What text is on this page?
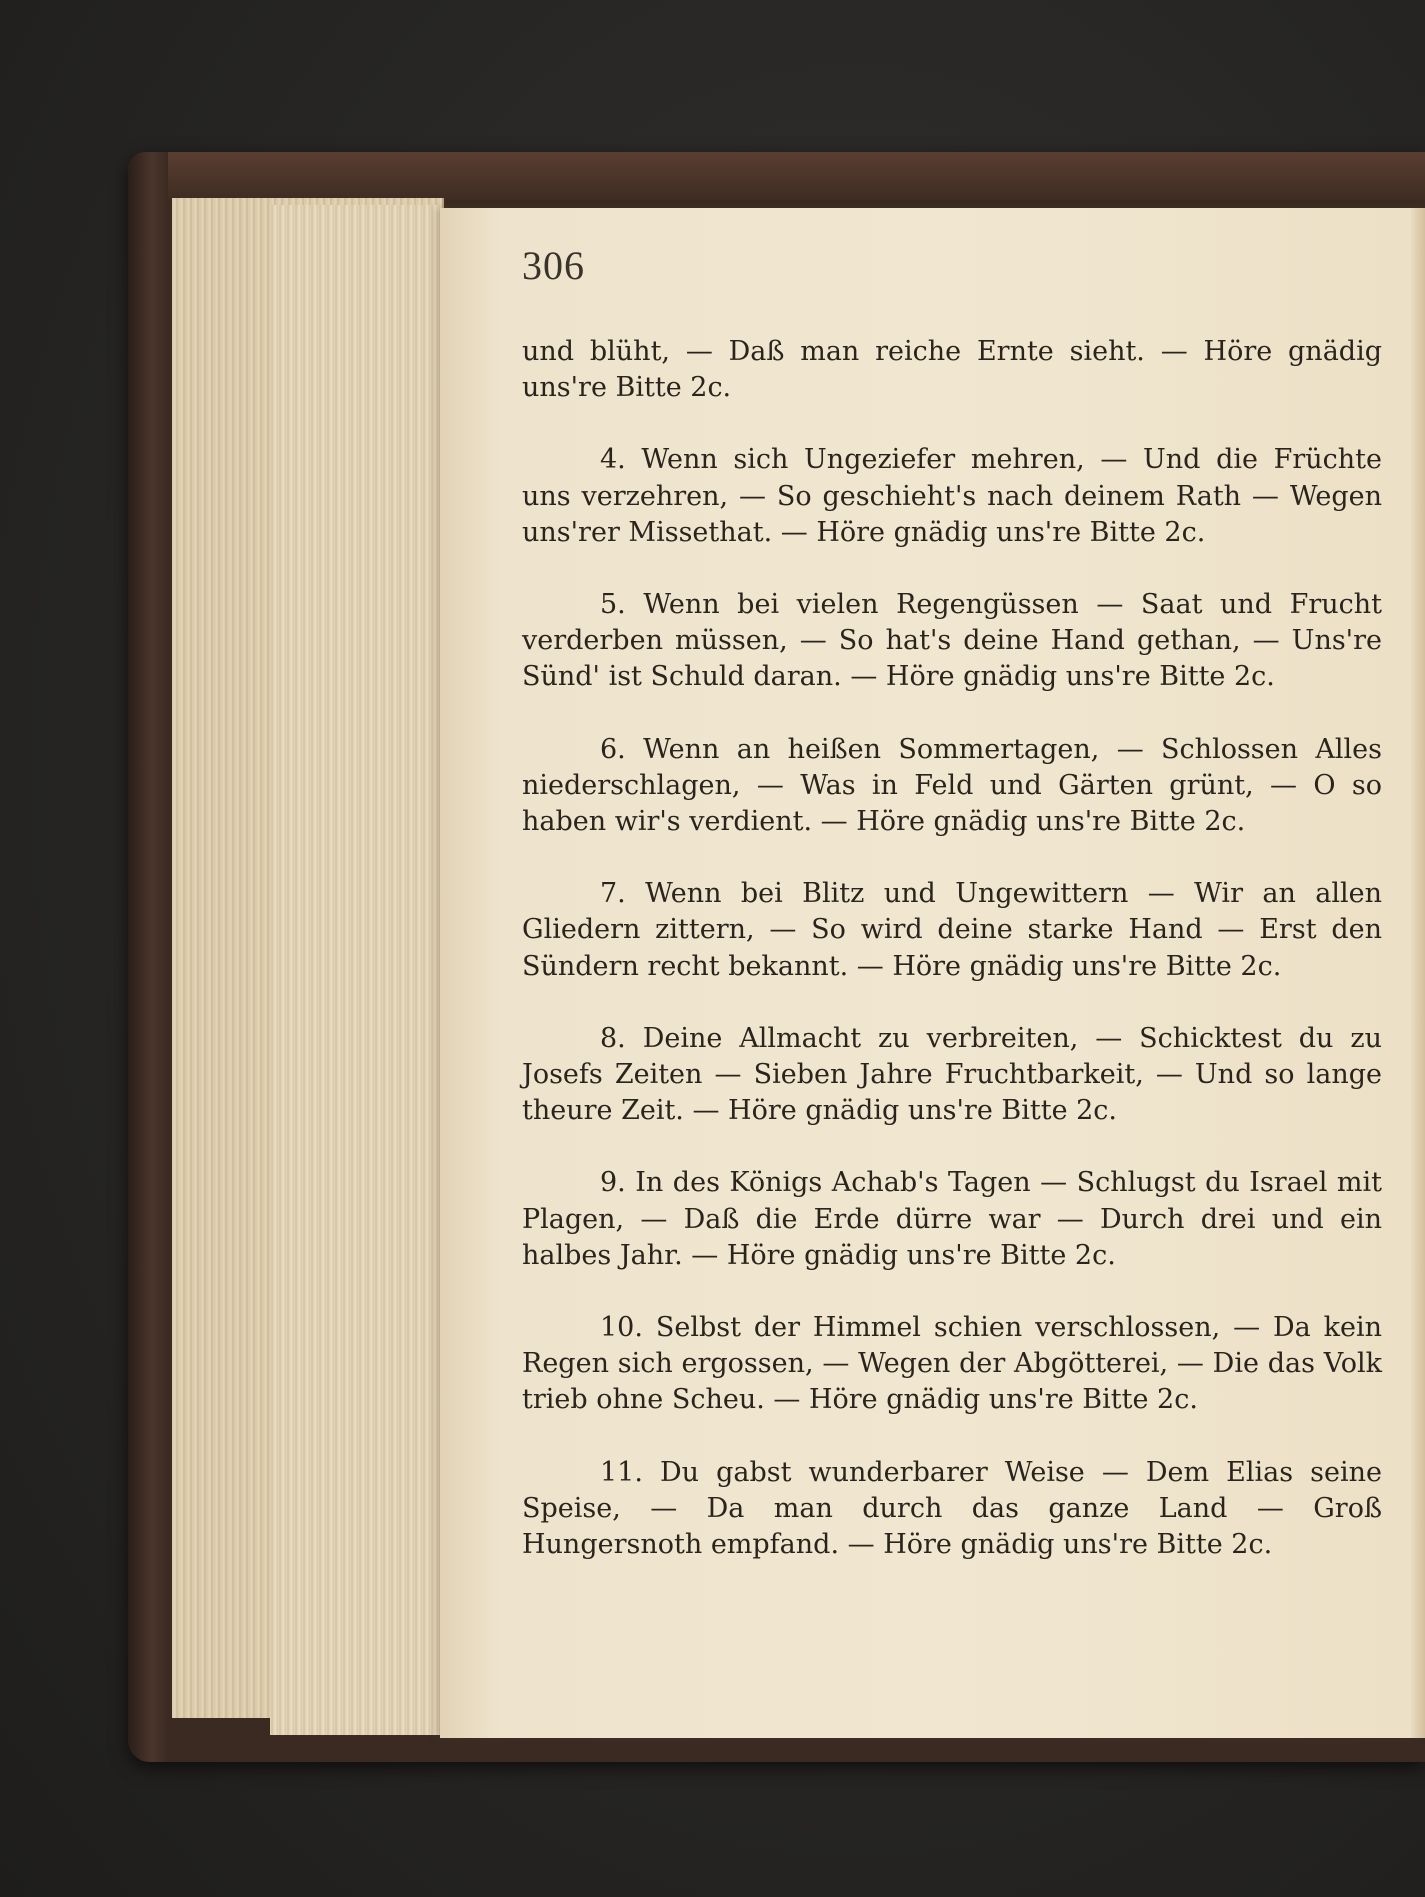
306

und blüht, — Daß man reiche Ernte sieht. — Höre gnädig uns're Bitte 2c.

4. Wenn sich Ungeziefer mehren, — Und die Früchte uns verzehren, — So geschieht's nach deinem Rath — Wegen uns'rer Missethat. — Höre gnädig uns're Bitte 2c.

5. Wenn bei vielen Regengüssen — Saat und Frucht verderben müssen, — So hat's deine Hand gethan, — Uns're Sünd' ist Schuld daran. — Höre gnädig uns're Bitte 2c.

6. Wenn an heißen Sommertagen, — Schlossen Alles niederschlagen, — Was in Feld und Gärten grünt, — O so haben wir's verdient. — Höre gnädig uns're Bitte 2c.

7. Wenn bei Blitz und Ungewittern — Wir an allen Gliedern zittern, — So wird deine starke Hand — Erst den Sündern recht bekannt. — Höre gnädig uns're Bitte 2c.

8. Deine Allmacht zu verbreiten, — Schicktest du zu Josefs Zeiten — Sieben Jahre Fruchtbarkeit, — Und so lange theure Zeit. — Höre gnädig uns're Bitte 2c.

9. In des Königs Achab's Tagen — Schlugst du Israel mit Plagen, — Daß die Erde dürre war — Durch drei und ein halbes Jahr. — Höre gnädig uns're Bitte 2c.

10. Selbst der Himmel schien verschlossen, — Da kein Regen sich ergossen, — Wegen der Abgötterei, — Die das Volk trieb ohne Scheu. — Höre gnädig uns're Bitte 2c.

11. Du gabst wunderbarer Weise — Dem Elias seine Speise, — Da man durch das ganze Land — Groß Hungersnoth empfand. — Höre gnädig uns're Bitte 2c.
